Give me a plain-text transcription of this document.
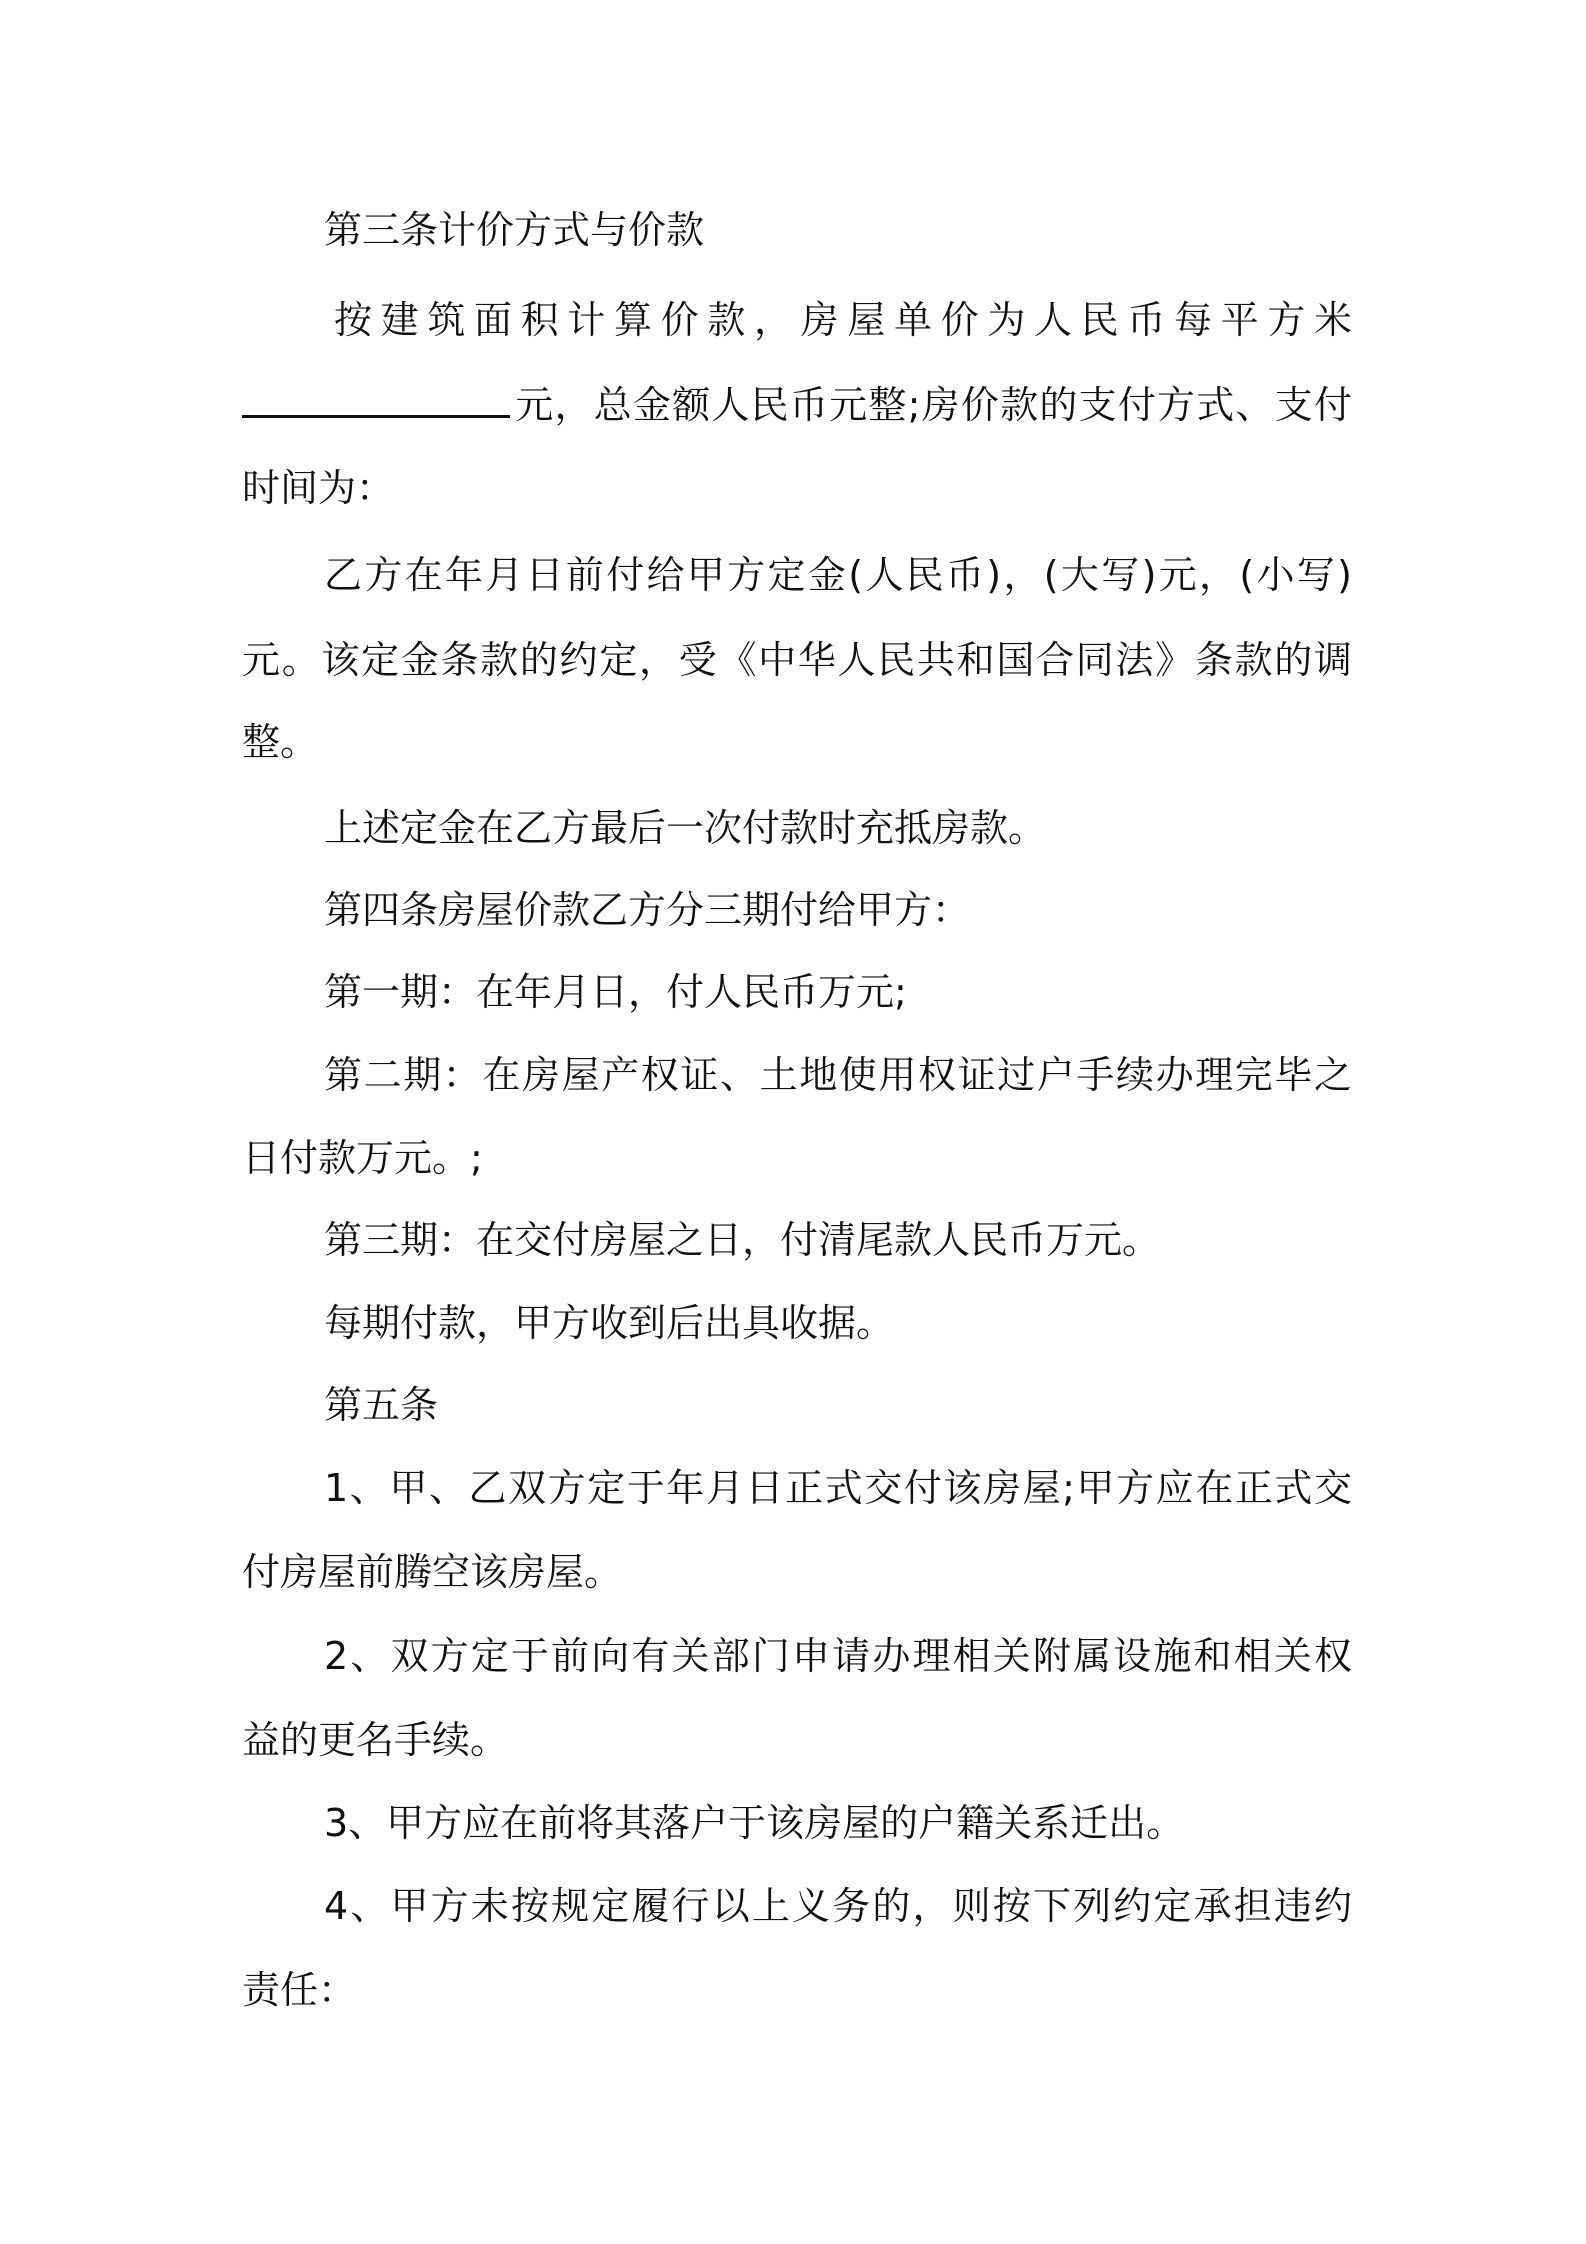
第三条计价方式与价款
按建筑面积计算价款，房屋单价为人民币每平方米
元，总金额人民币元整;房价款的支付方式、支付
时间为：
乙方在年月日前付给甲方定金(人民币)，(大写)元，(小写)
元。该定金条款的约定，受《中华人民共和国合同法》条款的调
整。
上述定金在乙方最后一次付款时充抵房款。
第四条房屋价款乙方分三期付给甲方：
第一期：在年月日，付人民币万元;
第二期：在房屋产权证、土地使用权证过户手续办理完毕之
日付款万元。;
第三期：在交付房屋之日，付清尾款人民币万元。
每期付款，甲方收到后出具收据。
第五条
1、甲、乙双方定于年月日正式交付该房屋;甲方应在正式交
付房屋前腾空该房屋。
2、双方定于前向有关部门申请办理相关附属设施和相关权
益的更名手续。
3、甲方应在前将其落户于该房屋的户籍关系迁出。
4、甲方未按规定履行以上义务的，则按下列约定承担违约
责任：
